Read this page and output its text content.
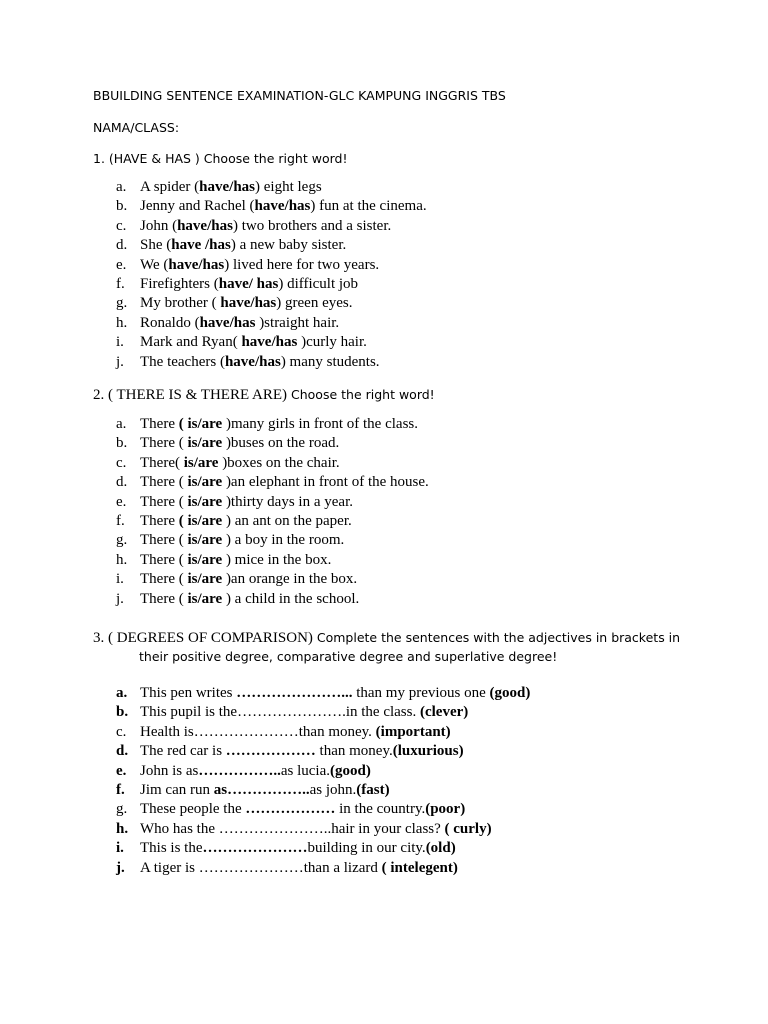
BBUILDING SENTENCE EXAMINATION-GLC KAMPUNG INGGRIS TBS
NAMA/CLASS:
1. (HAVE & HAS ) Choose the right word!
a. A spider (have/has) eight legs
b. Jenny and Rachel (have/has) fun at the cinema.
c. John (have/has) two brothers and a sister.
d. She (have /has) a new baby sister.
e. We (have/has) lived here for two years.
f.	Firefighters (have/ has) difficult job
g. My brother ( have/has) green eyes.
h. Ronaldo (have/has )straight hair.
i.	Mark and Ryan( have/has )curly hair.
j.	The teachers (have/has) many students.
2. ( THERE IS & THERE ARE) Choose the right word!
a. There ( is/are )many girls in front of the class.
b. There ( is/are )buses on the road.
c. There( is/are )boxes on the chair.
d. There ( is/are )an elephant in front of the house.
e. There ( is/are )thirty days in a year.
f.	There ( is/are ) an ant on the paper.
g. There ( is/are ) a boy in the room.
h. There ( is/are ) mice in the box.
i.	There ( is/are )an orange in the box.
j.	There ( is/are ) a child in the school.
3. ( DEGREES OF COMPARISON) Complete the sentences with the adjectives in brackets in
their positive degree, comparative degree and superlative degree!
a. This pen writes …………………... than my previous one (good)
b. This pupil is the………………….in the class. (clever)
c. Health is…………………than money. (important)
d. The red car is ……………… than money.(luxurious)
e. John is as……………..as lucia.(good)
f.	Jim can run as……………..as john.(fast)
g. These people the ……………… in the country.(poor)
h. Who has the …………………..hair in your class? ( curly)
i.	This is the…………………building in our city.(old)
j.	A tiger is …………………than a lizard ( intelegent)
